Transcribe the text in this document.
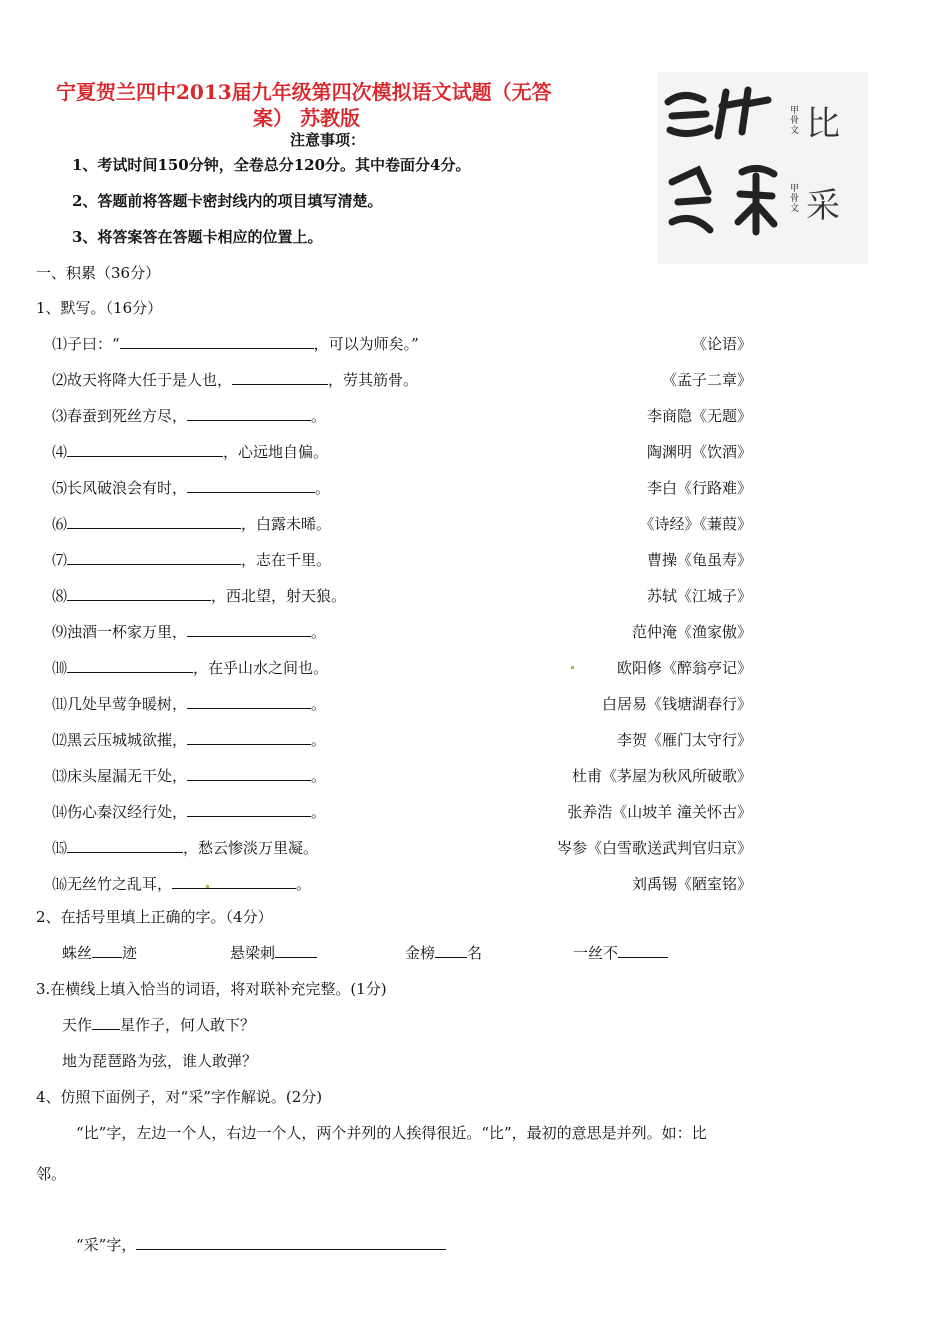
宁夏贺兰四中2013届九年级第四次模拟语文试题（无答
案） 苏教版
注意事项：
1、考试时间150分钟，全卷总分120分。其中卷面分4分。
2、答题前将答题卡密封线内的项目填写清楚。
3、将答案答在答题卡相应的位置上。
甲骨文 比
甲骨文 采
一、积累（36分）
1、默写。（16分）
⑴子曰：“	，可以为师矣。”	《论语》
⑵故天将降大任于是人也，	，劳其筋骨。	《孟子二章》
⑶春蚕到死丝方尽，	。	李商隐《无题》
⑷	，心远地自偏。	陶渊明《饮酒》
⑸长风破浪会有时，	。	李白《行路难》
⑹	，白露未晞。	《诗经》《蒹葭》
⑺	，志在千里。	曹操《龟虽寿》
⑻	，西北望，射天狼。	苏轼《江城子》
⑼浊酒一杯家万里，	。	范仲淹《渔家傲》
⑽	，在乎山水之间也。	欧阳修《醉翁亭记》
⑾几处早莺争暖树，	。	白居易《钱塘湖春行》
⑿黑云压城城欲摧，	。	李贺《雁门太守行》
⒀床头屋漏无干处，	。	杜甫《茅屋为秋风所破歌》
⒁伤心秦汉经行处，	。	张养浩《山坡羊 潼关怀古》
⒂	，愁云惨淡万里凝。	岑参《白雪歌送武判官归京》
⒃无丝竹之乱耳，	。	刘禹锡《陋室铭》
2、在括号里填上正确的字。（4分）
蛛丝 迹	悬梁刺	金榜 名	一丝不
3.在横线上填入恰当的词语，将对联补充完整。(1分)
天作 星作子，何人敢下？
地为琵琶路为弦，谁人敢弹？
4、仿照下面例子，对“采”字作解说。(2分)
“比”字，左边一个人，右边一个人，两个并列的人挨得很近。“比”，最初的意思是并列。如：比
邻。
“采”字，
